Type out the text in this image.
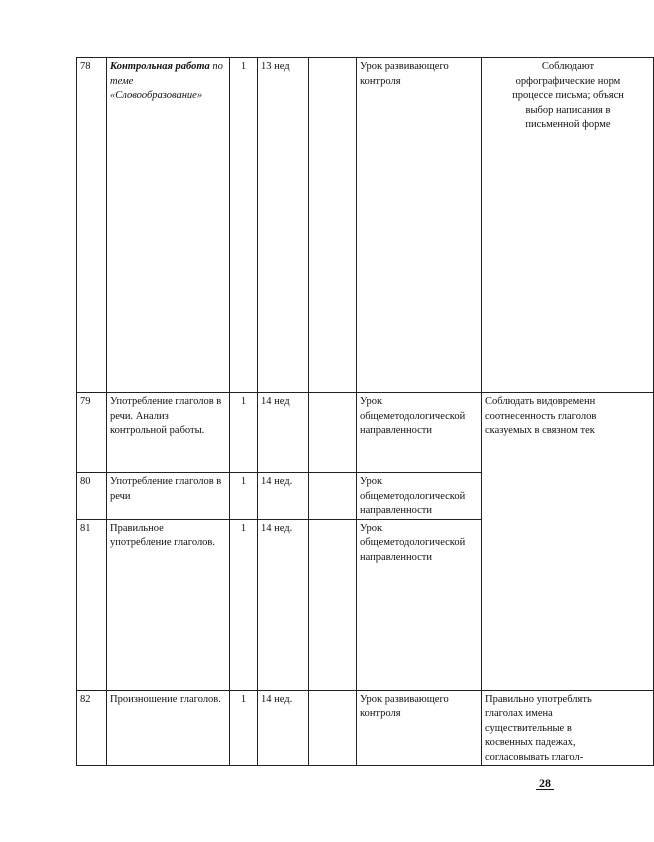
78	Контрольная работа по теме «Словообразование»	1	13 нед		Урок развивающего контроля	Соблюдают
орфографические норм
процессе письма; объясн
выбор написания в
письменной форме

79	Употребление глаголов в речи. Анализ контрольной работы.	1	14 нед		Урок общеметодологической направленности	Соблюдать видовременн
соотнесенность глаголов
сказуемых в связном тек

80	Употребление глаголов в речи	1	14 нед.		Урок общеметодологической направленности	
81	Правильное употребление глаголов.	1	14 нед.		Урок общеметодологической направленности	
82	Произношение глаголов.	1	14 нед.		Урок развивающего контроля	Правильно употреблять глаголах имена существительные в косвенных падежах, согласовывать глагол-
28
